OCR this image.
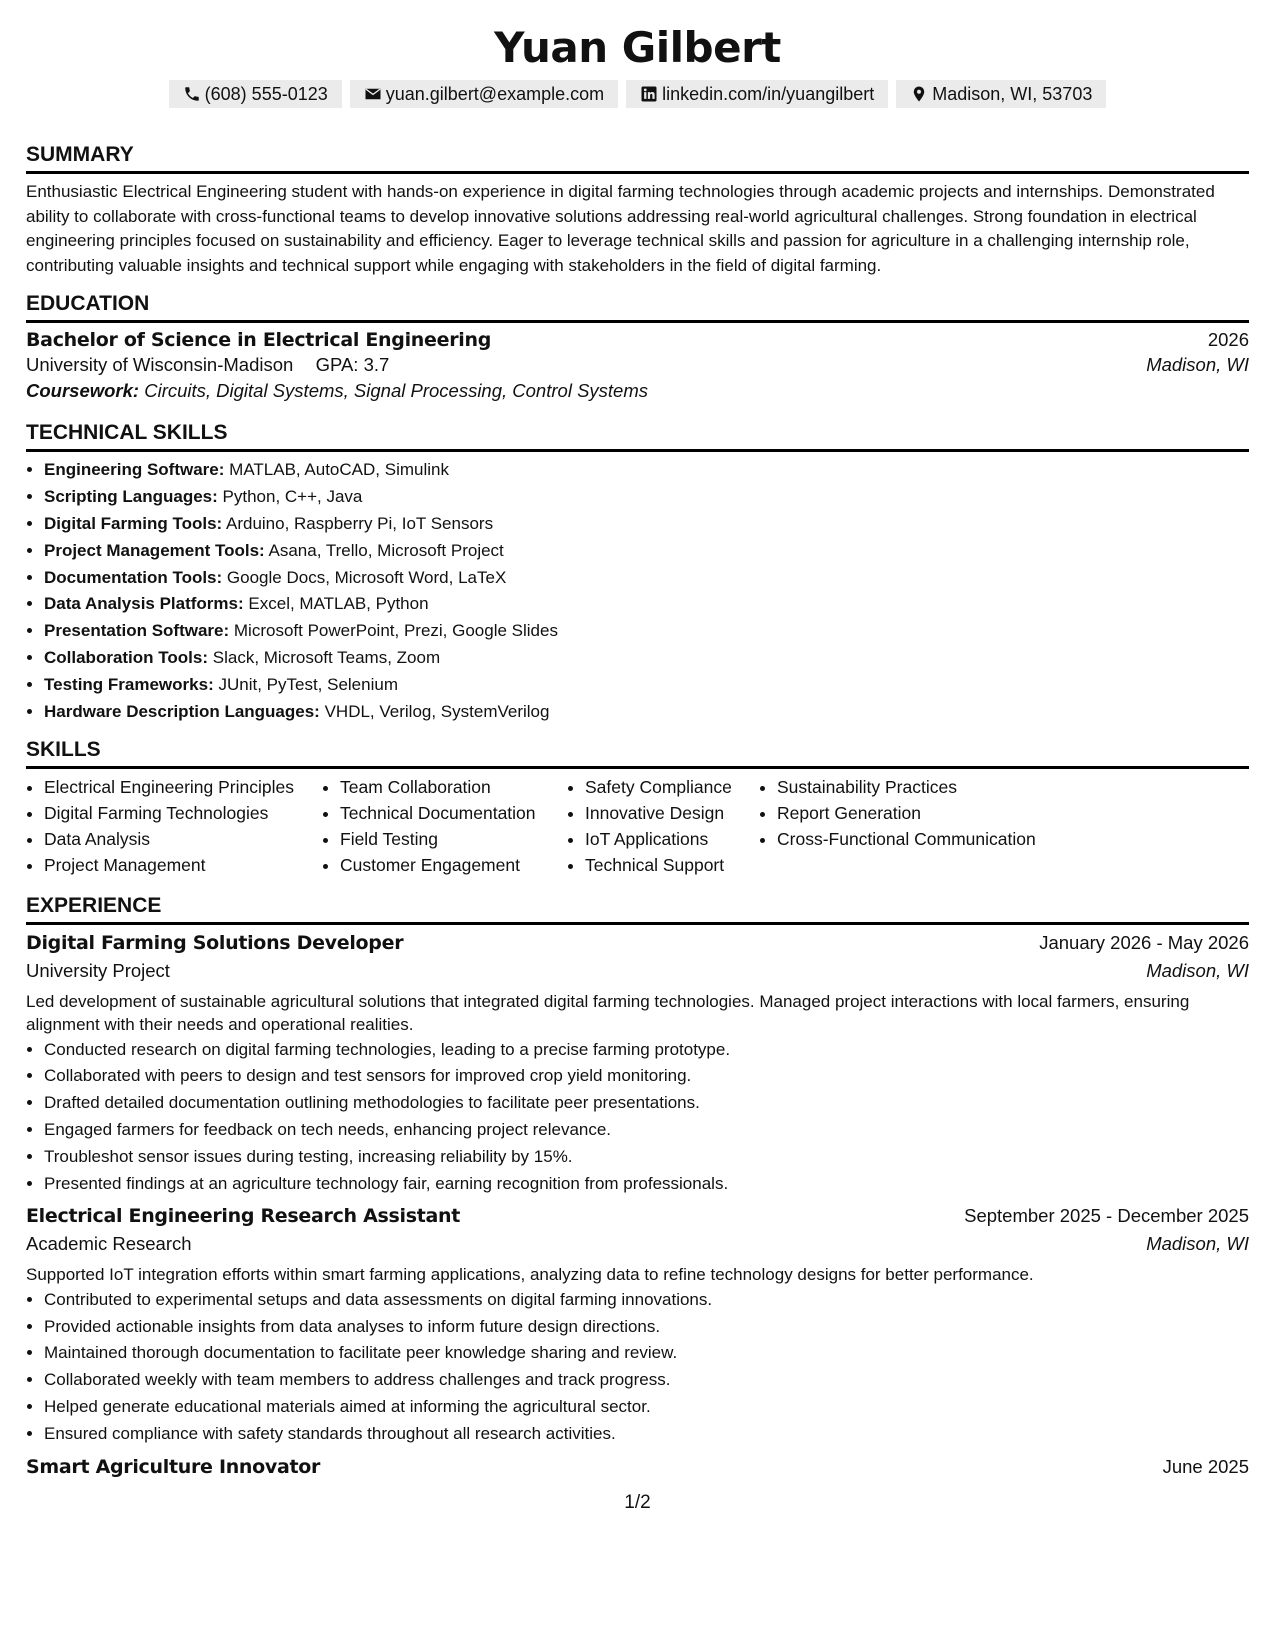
Yuan Gilbert
(608) 555-0123	yuan.gilbert@example.com	linkedin.com/in/yuangilbert	Madison, WI, 53703
SUMMARY
Enthusiastic Electrical Engineering student with hands-on experience in digital farming technologies through academic projects and internships. Demonstrated ability to collaborate with cross-functional teams to develop innovative solutions addressing real-world agricultural challenges. Strong foundation in electrical engineering principles focused on sustainability and efficiency. Eager to leverage technical skills and passion for agriculture in a challenging internship role, contributing valuable insights and technical support while engaging with stakeholders in the field of digital farming.
EDUCATION
Bachelor of Science in Electrical Engineering	2026
University of Wisconsin-Madison GPA: 3.7	Madison, WI
Coursework: Circuits, Digital Systems, Signal Processing, Control Systems
TECHNICAL SKILLS
• Engineering Software: MATLAB, AutoCAD, Simulink
• Scripting Languages: Python, C++, Java
• Digital Farming Tools: Arduino, Raspberry Pi, IoT Sensors
• Project Management Tools: Asana, Trello, Microsoft Project
• Documentation Tools: Google Docs, Microsoft Word, LaTeX
• Data Analysis Platforms: Excel, MATLAB, Python
• Presentation Software: Microsoft PowerPoint, Prezi, Google Slides
• Collaboration Tools: Slack, Microsoft Teams, Zoom
• Testing Frameworks: JUnit, PyTest, Selenium
• Hardware Description Languages: VHDL, Verilog, SystemVerilog
SKILLS
• Electrical Engineering Principles
• Digital Farming Technologies
• Data Analysis
• Project Management
• Team Collaboration
• Technical Documentation
• Field Testing
• Customer Engagement
• Safety Compliance
• Innovative Design
• IoT Applications
• Technical Support
• Sustainability Practices
• Report Generation
• Cross-Functional Communication
EXPERIENCE
Digital Farming Solutions Developer	January 2026 - May 2026
University Project	Madison, WI
Led development of sustainable agricultural solutions that integrated digital farming technologies. Managed project interactions with local farmers, ensuring alignment with their needs and operational realities.
• Conducted research on digital farming technologies, leading to a precise farming prototype.
• Collaborated with peers to design and test sensors for improved crop yield monitoring.
• Drafted detailed documentation outlining methodologies to facilitate peer presentations.
• Engaged farmers for feedback on tech needs, enhancing project relevance.
• Troubleshot sensor issues during testing, increasing reliability by 15%.
• Presented findings at an agriculture technology fair, earning recognition from professionals.
Electrical Engineering Research Assistant	September 2025 - December 2025
Academic Research	Madison, WI
Supported IoT integration efforts within smart farming applications, analyzing data to refine technology designs for better performance.
• Contributed to experimental setups and data assessments on digital farming innovations.
• Provided actionable insights from data analyses to inform future design directions.
• Maintained thorough documentation to facilitate peer knowledge sharing and review.
• Collaborated weekly with team members to address challenges and track progress.
• Helped generate educational materials aimed at informing the agricultural sector.
• Ensured compliance with safety standards throughout all research activities.
Smart Agriculture Innovator	June 2025
1/2
